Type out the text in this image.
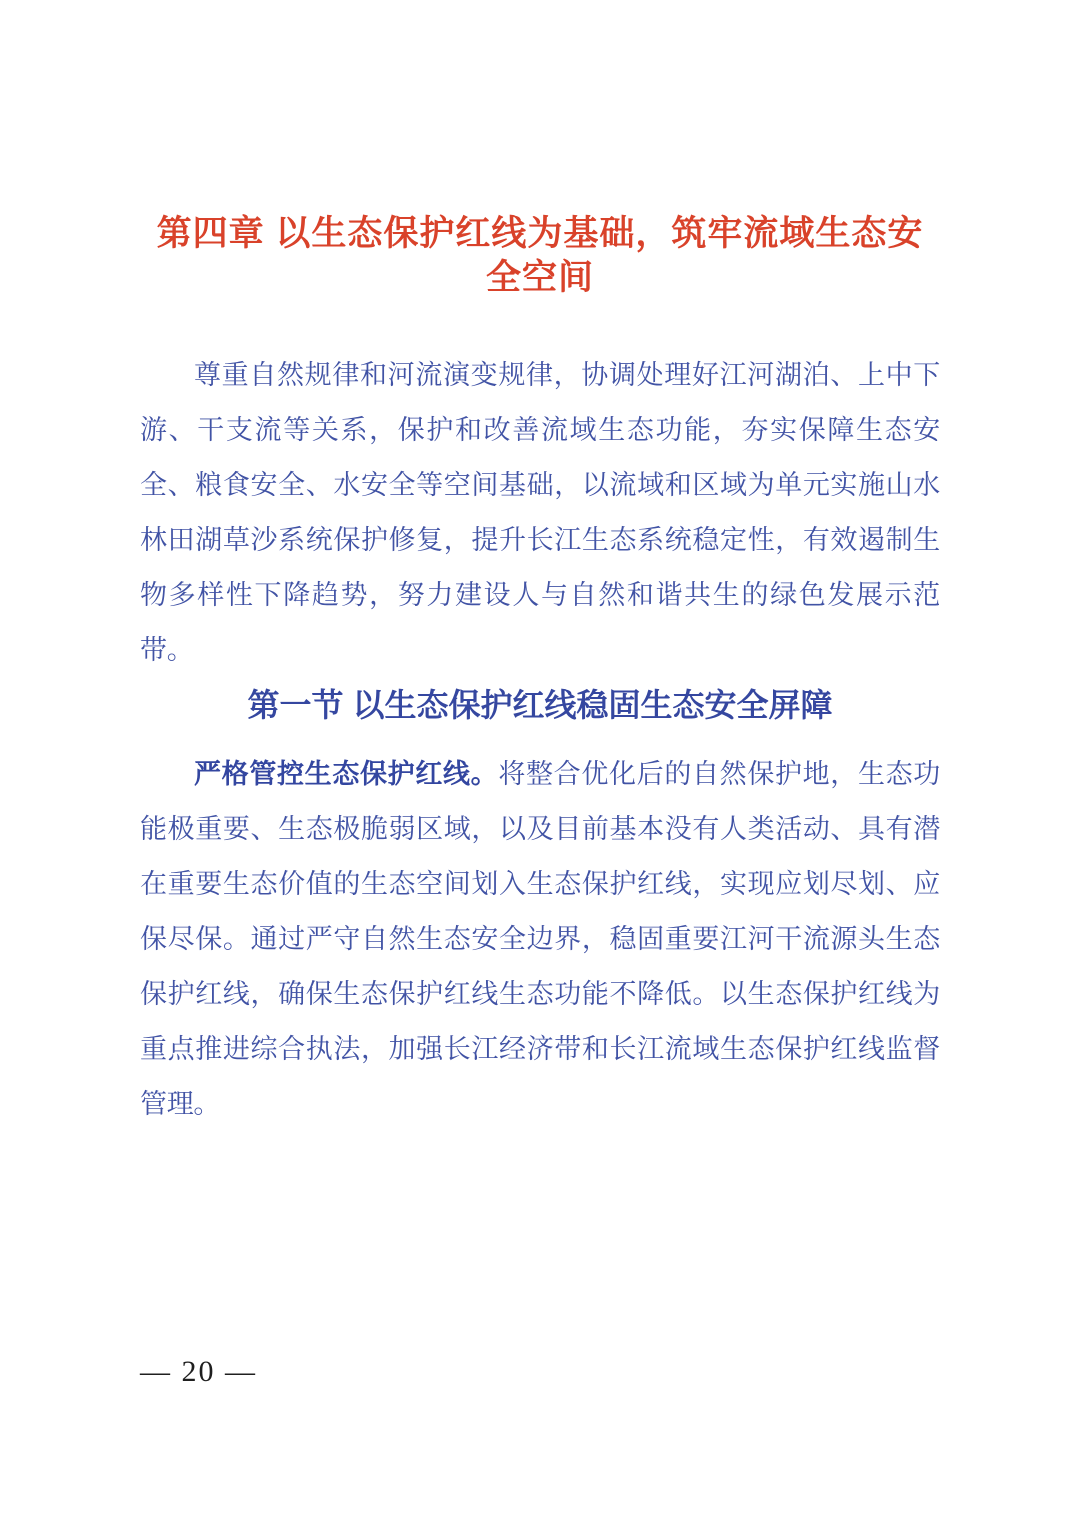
第四章 以生态保护红线为基础，筑牢流域生态安全空间

尊重自然规律和河流演变规律，协调处理好江河湖泊、上中下游、干支流等关系，保护和改善流域生态功能，夯实保障生态安全、粮食安全、水安全等空间基础，以流域和区域为单元实施山水林田湖草沙系统保护修复，提升长江生态系统稳定性，有效遏制生物多样性下降趋势，努力建设人与自然和谐共生的绿色发展示范带。

第一节 以生态保护红线稳固生态安全屏障

严格管控生态保护红线。将整合优化后的自然保护地，生态功能极重要、生态极脆弱区域，以及目前基本没有人类活动、具有潜在重要生态价值的生态空间划入生态保护红线，实现应划尽划、应保尽保。通过严守自然生态安全边界，稳固重要江河干流源头生态保护红线，确保生态保护红线生态功能不降低。以生态保护红线为重点推进综合执法，加强长江经济带和长江流域生态保护红线监督管理。

— 20 —
